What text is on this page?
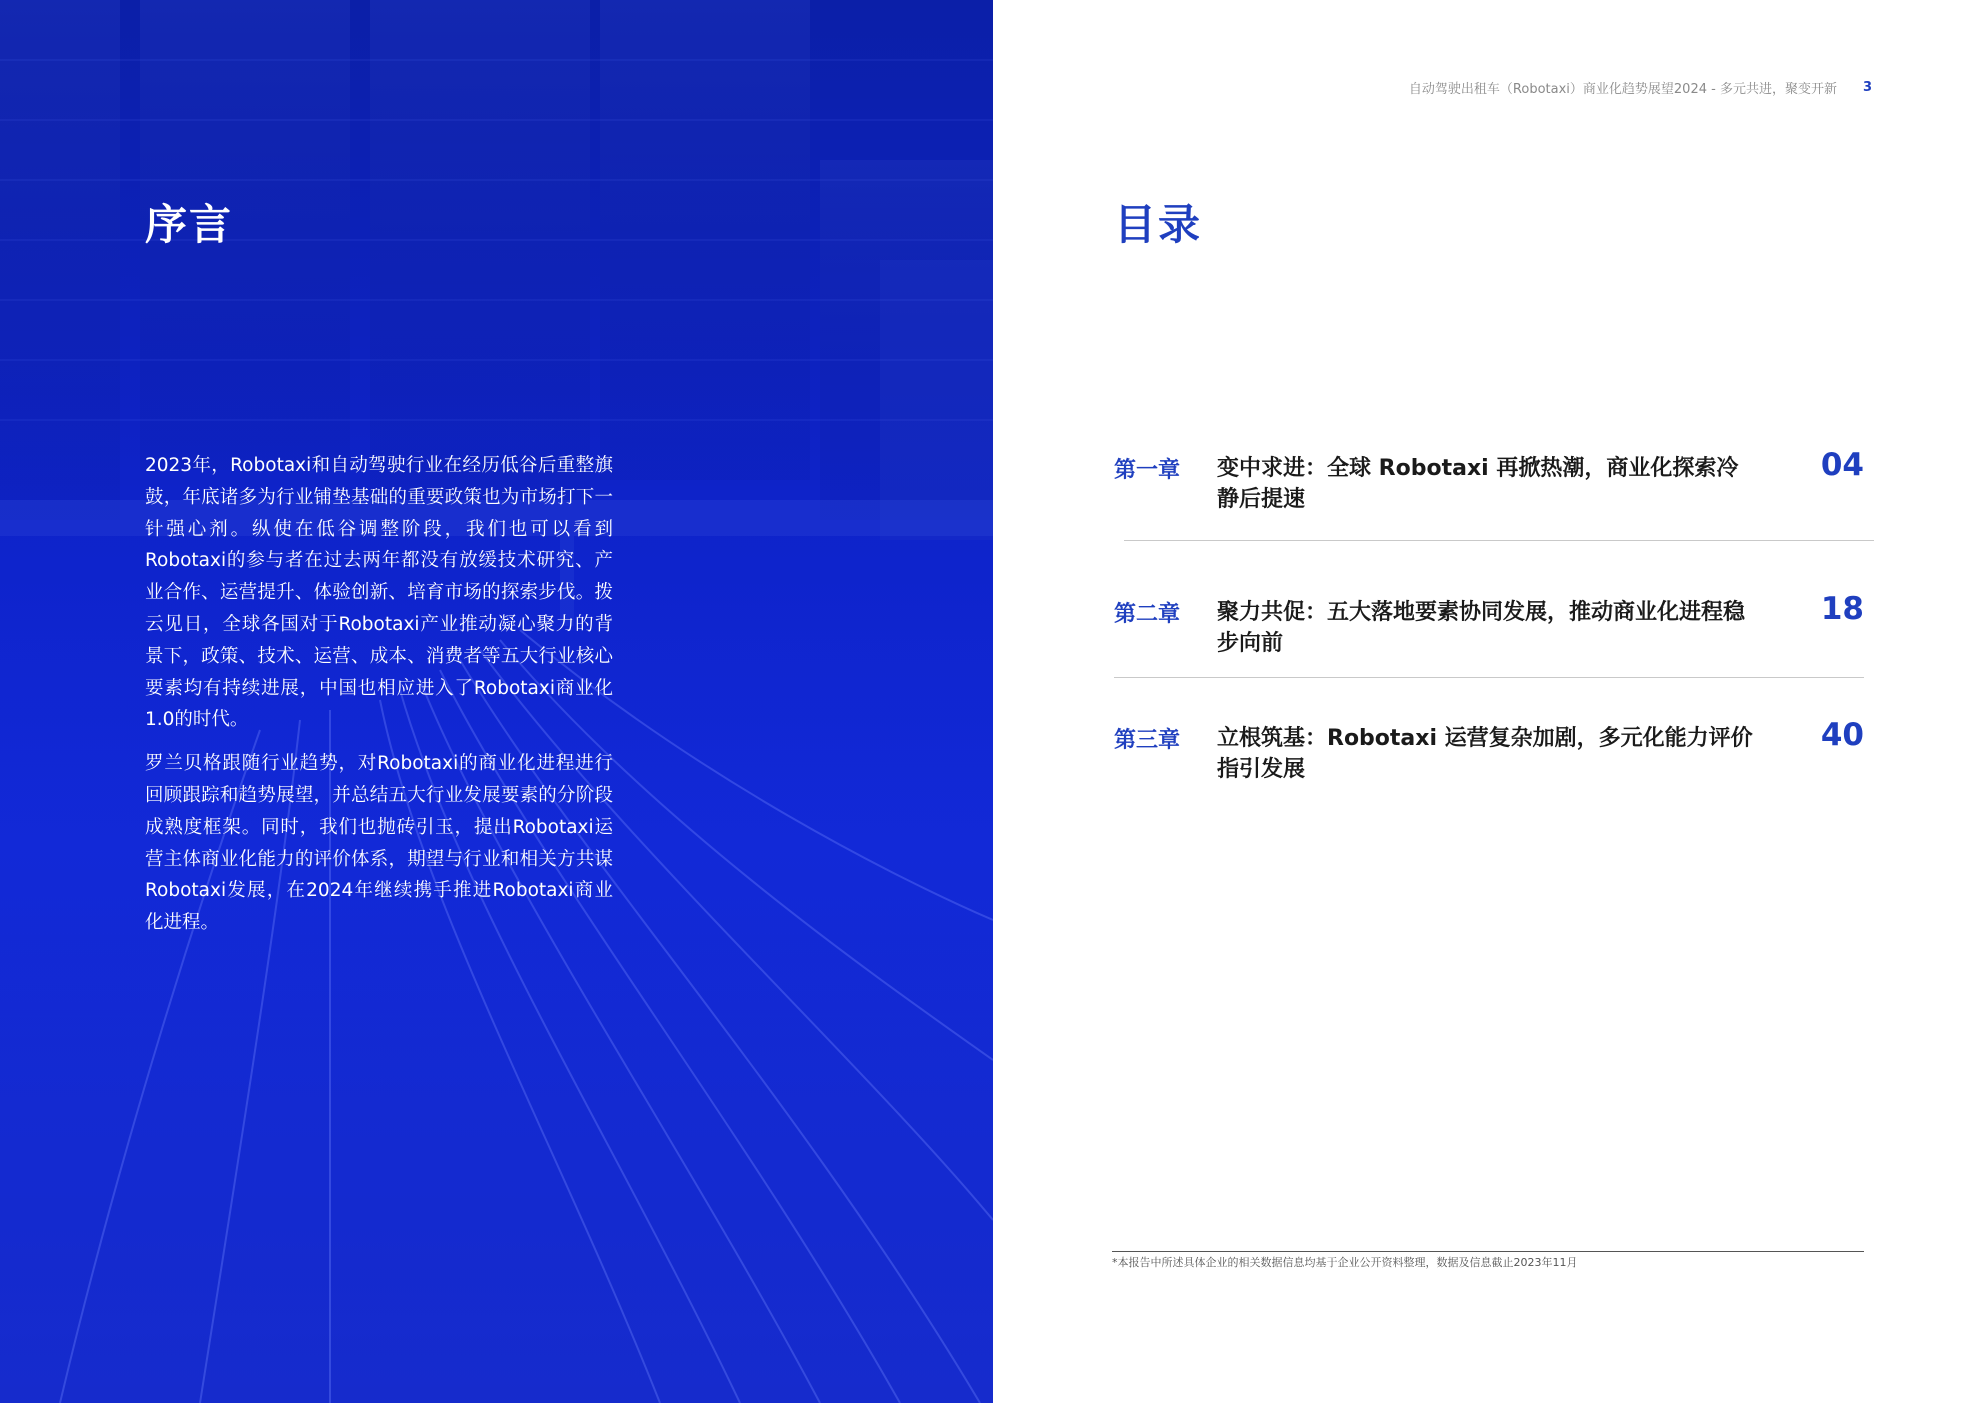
序言

2023年，Robotaxi和自动驾驶行业在经历低谷后重整旗鼓，年底诸多为行业铺垫基础的重要政策也为市场打下一针强心剂。纵使在低谷调整阶段，我们也可以看到Robotaxi的参与者在过去两年都没有放缓技术研究、产业合作、运营提升、体验创新、培育市场的探索步伐。拨云见日，全球各国对于Robotaxi产业推动凝心聚力的背景下，政策、技术、运营、成本、消费者等五大行业核心要素均有持续进展，中国也相应进入了Robotaxi商业化1.0的时代。

罗兰贝格跟随行业趋势，对Robotaxi的商业化进程进行回顾跟踪和趋势展望，并总结五大行业发展要素的分阶段成熟度框架。同时，我们也抛砖引玉，提出Robotaxi运营主体商业化能力的评价体系，期望与行业和相关方共谋Robotaxi发展，在2024年继续携手推进Robotaxi商业化进程。

自动驾驶出租车（Robotaxi）商业化趋势展望2024 - 多元共进，聚变开新 3
目录
第一章 变中求进：全球 Robotaxi 再掀热潮，商业化探索冷静后提速
04
第二章 聚力共促：五大落地要素协同发展，推动商业化进程稳步向前
18
第三章 立根筑基：Robotaxi 运营复杂加剧，多元化能力评价指引发展
40
*本报告中所述具体企业的相关数据信息均基于企业公开资料整理，数据及信息截止2023年11月
